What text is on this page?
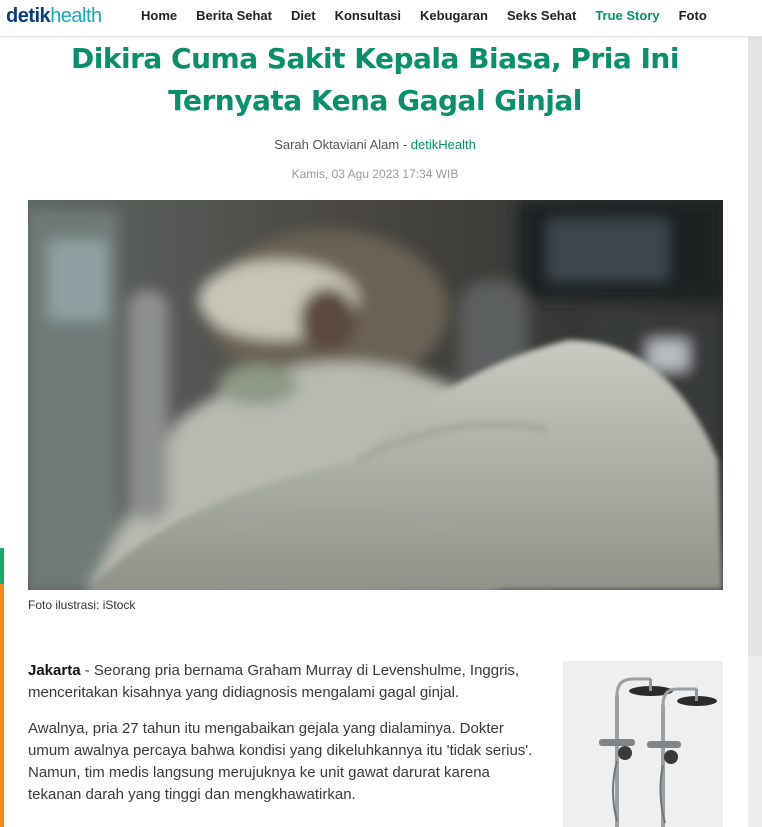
detikhealth	Home Berita Sehat Diet Konsultasi Kebugaran Seks Sehat True Story Foto
Dikira Cuma Sakit Kepala Biasa, Pria Ini Ternyata Kena Gagal Ginjal
Sarah Oktaviani Alam - detikHealth
Kamis, 03 Agu 2023 17:34 WIB
Foto ilustrasi: iStock

Jakarta - Seorang pria bernama Graham Murray di Levenshulme, Inggris, menceritakan kisahnya yang didiagnosis mengalami gagal ginjal.

Awalnya, pria 27 tahun itu mengabaikan gejala yang dialaminya. Dokter umum awalnya percaya bahwa kondisi yang dikeluhkannya itu 'tidak serius'. Namun, tim medis langsung merujuknya ke unit gawat darurat karena tekanan darah yang tinggi dan mengkhawatirkan.
